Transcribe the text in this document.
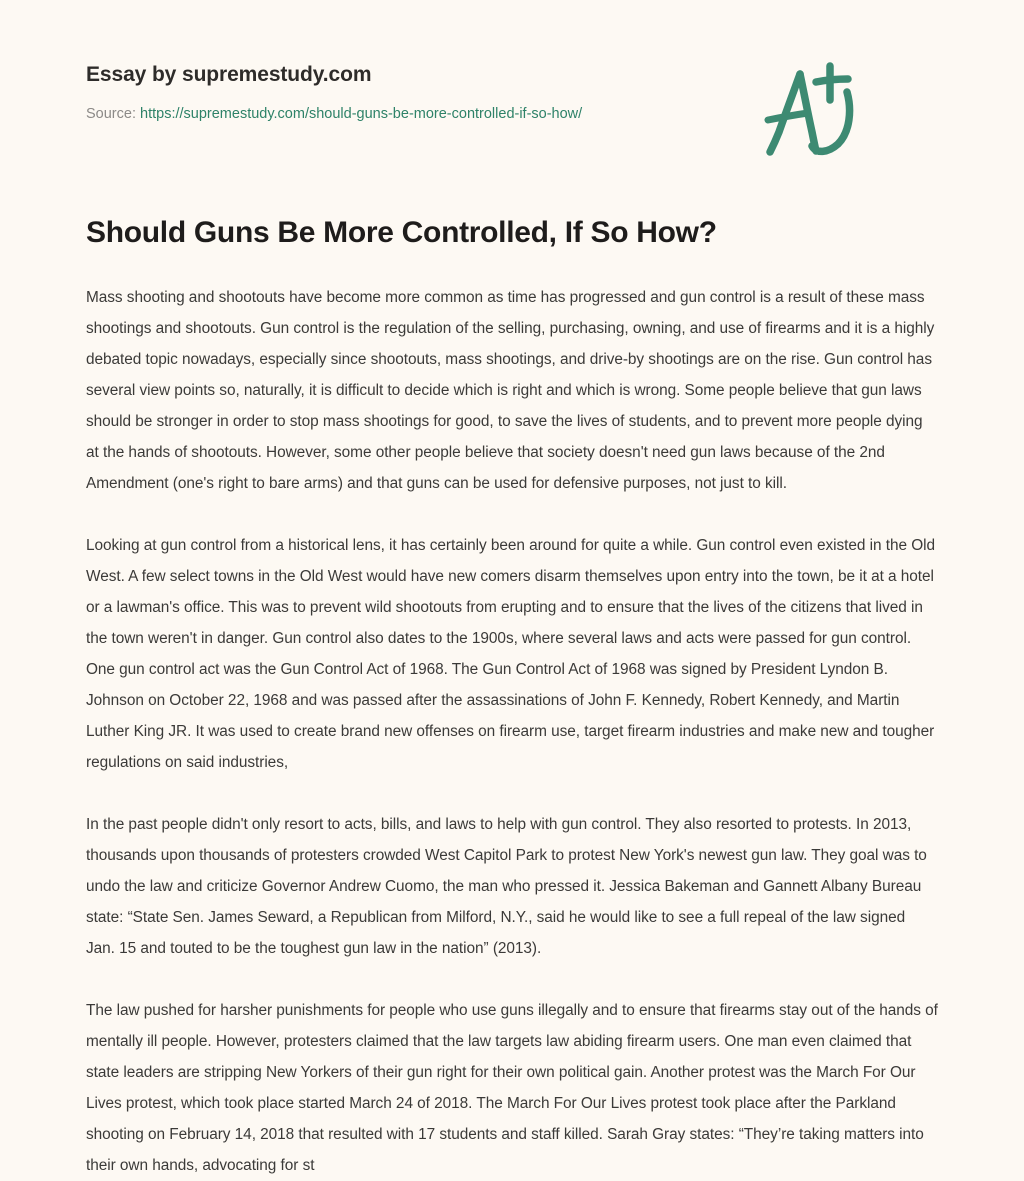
Essay by supremestudy.com
Source: https://supremestudy.com/should-guns-be-more-controlled-if-so-how/
Should Guns Be More Controlled, If So How?

Mass shooting and shootouts have become more common as time has progressed and gun control is a result of these mass shootings and shootouts. Gun control is the regulation of the selling, purchasing, owning, and use of firearms and it is a highly debated topic nowadays, especially since shootouts, mass shootings, and drive-by shootings are on the rise. Gun control has several view points so, naturally, it is difficult to decide which is right and which is wrong. Some people believe that gun laws should be stronger in order to stop mass shootings for good, to save the lives of students, and to prevent more people dying at the hands of shootouts. However, some other people believe that society doesn't need gun laws because of the 2nd Amendment (one's right to bare arms) and that guns can be used for defensive purposes, not just to kill.

Looking at gun control from a historical lens, it has certainly been around for quite a while. Gun control even existed in the Old West. A few select towns in the Old West would have new comers disarm themselves upon entry into the town, be it at a hotel or a lawman's office. This was to prevent wild shootouts from erupting and to ensure that the lives of the citizens that lived in the town weren't in danger. Gun control also dates to the 1900s, where several laws and acts were passed for gun control. One gun control act was the Gun Control Act of 1968. The Gun Control Act of 1968 was signed by President Lyndon B. Johnson on October 22, 1968 and was passed after the assassinations of John F. Kennedy, Robert Kennedy, and Martin Luther King JR. It was used to create brand new offenses on firearm use, target firearm industries and make new and tougher regulations on said industries,

In the past people didn't only resort to acts, bills, and laws to help with gun control. They also resorted to protests. In 2013, thousands upon thousands of protesters crowded West Capitol Park to protest New York's newest gun law. They goal was to undo the law and criticize Governor Andrew Cuomo, the man who pressed it. Jessica Bakeman and Gannett Albany Bureau state: “State Sen. James Seward, a Republican from Milford, N.Y., said he would like to see a full repeal of the law signed Jan. 15 and touted to be the toughest gun law in the nation” (2013).

The law pushed for harsher punishments for people who use guns illegally and to ensure that firearms stay out of the hands of mentally ill people. However, protesters claimed that the law targets law abiding firearm users. One man even claimed that state leaders are stripping New Yorkers of their gun right for their own political gain. Another protest was the March For Our Lives protest, which took place started March 24 of 2018. The March For Our Lives protest took place after the Parkland shooting on February 14, 2018 that resulted with 17 students and staff killed. Sarah Gray states: “They’re taking matters into their own hands, advocating for st
